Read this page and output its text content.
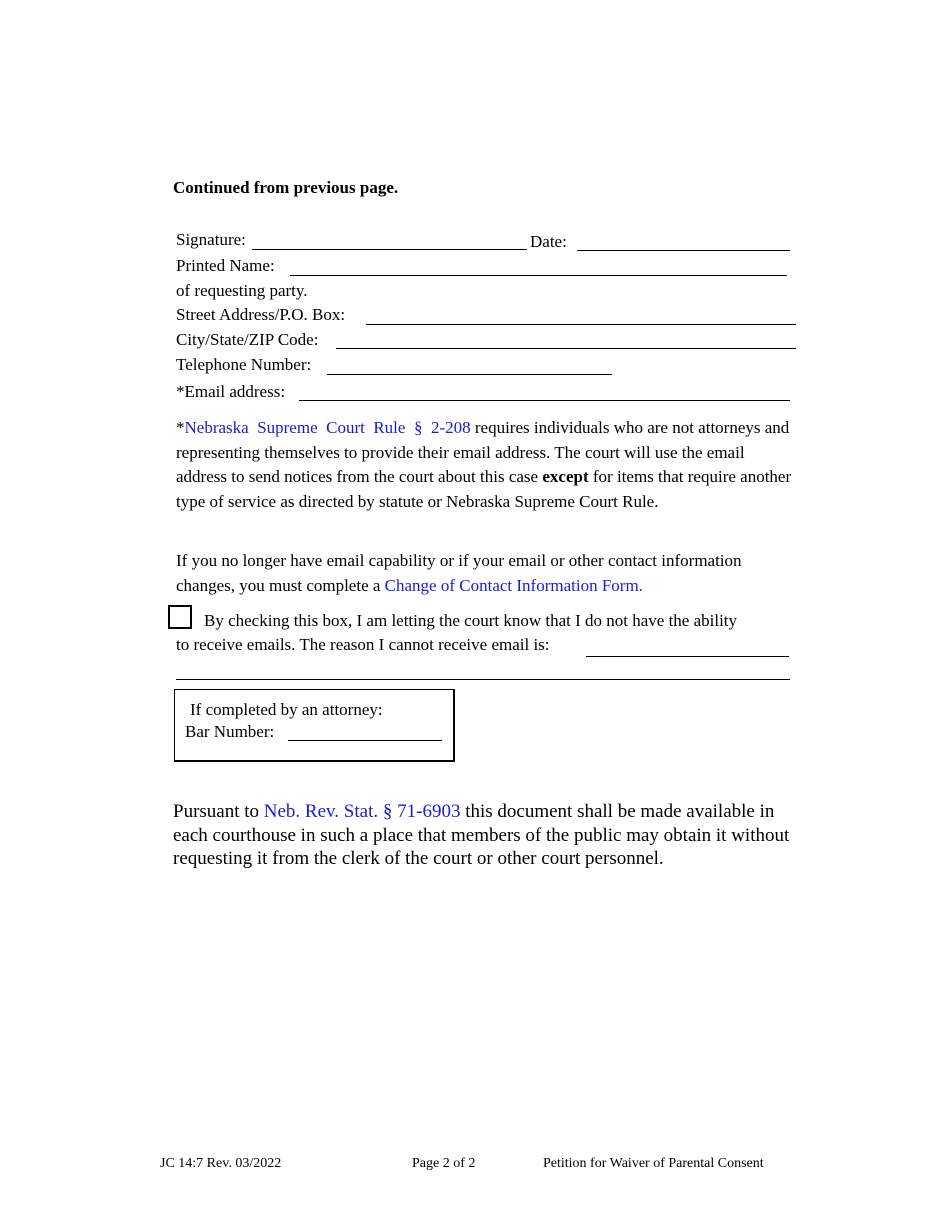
Continued from previous page.
Signature:	Date:
Printed Name:
of requesting party.
Street Address/P.O. Box:
City/State/ZIP Code:
Telephone Number:
*Email address:
*Nebraska  Supreme  Court  Rule  §  2-208 requires individuals who are not attorneys and representing themselves to provide their email address. The court will use the email address to send notices from the court about this case except for items that require another type of service as directed by statute or Nebraska Supreme Court Rule.
If you no longer have email capability or if your email or other contact information changes, you must complete a Change of Contact Information Form.
By checking this box, I am letting the court know that I do not have the ability
to receive emails. The reason I cannot receive email is:
If completed by an attorney:
Bar Number:
Pursuant to Neb. Rev. Stat. § 71-6903 this document shall be made available in each courthouse in such a place that members of the public may obtain it without requesting it from the clerk of the court or other court personnel.
JC 14:7 Rev. 03/2022	Page 2 of 2	Petition for Waiver of Parental Consent
